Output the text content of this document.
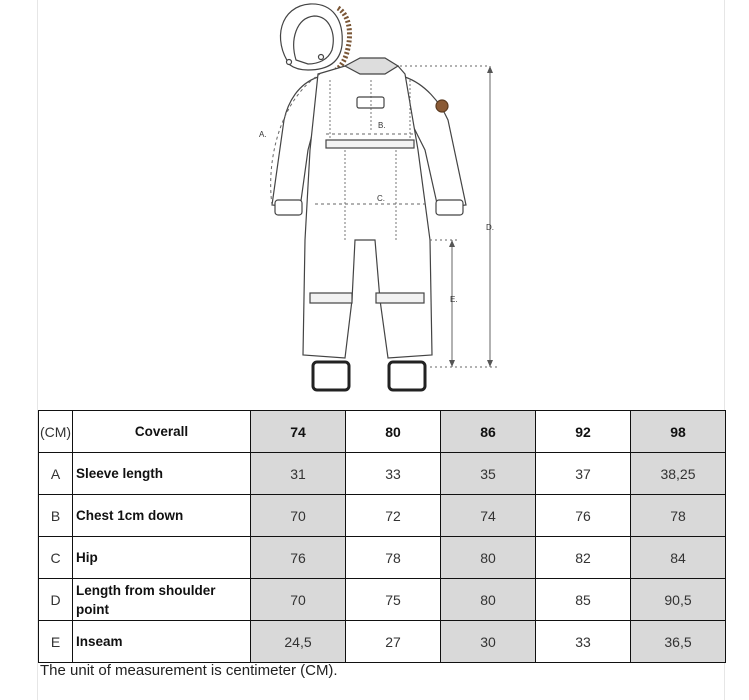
A.
B.
C.
D.
E.
(CM)	Coverall	74	80	86	92	98
A	Sleeve length	31	33	35	37	38,25
B	Chest 1cm down	70	72	74	76	78
C	Hip	76	78	80	82	84
D	Length from shoulder point	70	75	80	85	90,5
E	Inseam	24,5	27	30	33	36,5

The unit of measurement is centimeter (CM).
